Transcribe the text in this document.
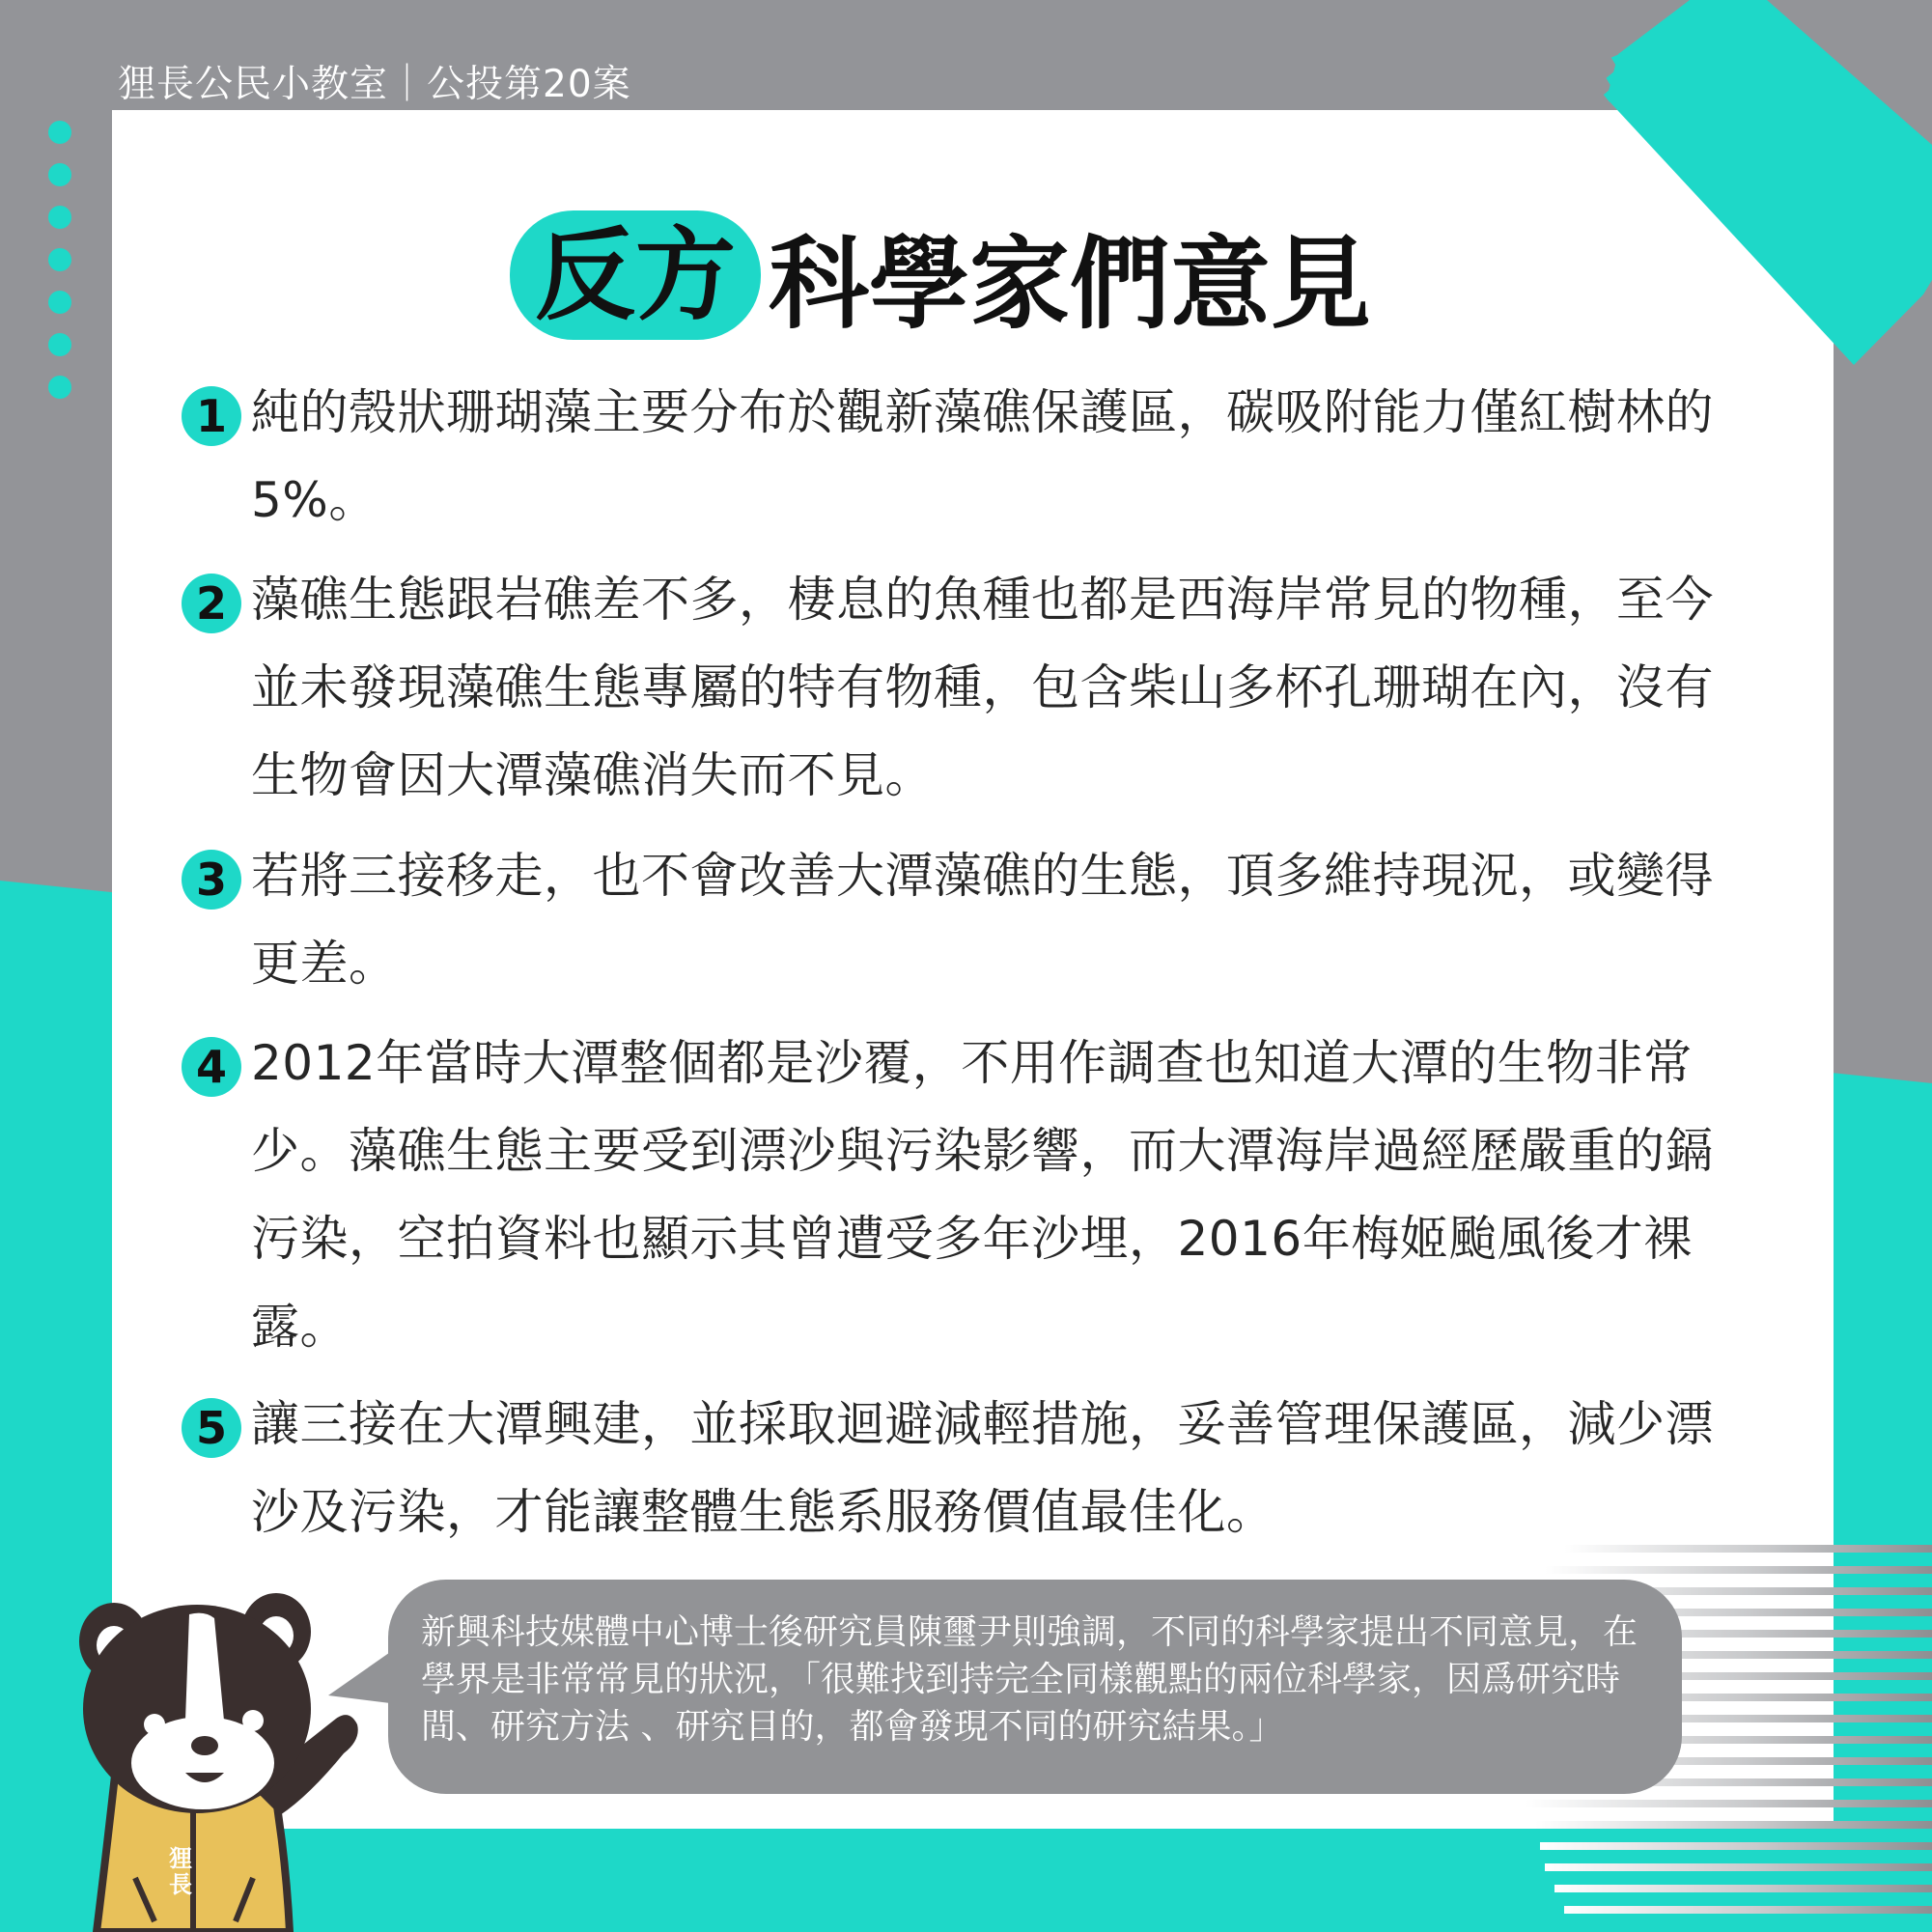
狸長公民小教室｜公投第20案
反方 科學家們意見
1 純的殼狀珊瑚藻主要分布於觀新藻礁保護區，碳吸附能力僅紅樹林的5%。
2 藻礁生態跟岩礁差不多，棲息的魚種也都是西海岸常見的物種，至今並未發現藻礁生態專屬的特有物種，包含柴山多杯孔珊瑚在內，沒有生物會因大潭藻礁消失而不見。
3 若將三接移走，也不會改善大潭藻礁的生態，頂多維持現況，或變得更差。
4 2012年當時大潭整個都是沙覆，不用作調查也知道大潭的生物非常少。藻礁生態主要受到漂沙與污染影響，而大潭海岸過經歷嚴重的鎘污染，空拍資料也顯示其曾遭受多年沙埋，2016年梅姬颱風後才裸露。
5 讓三接在大潭興建，並採取迴避減輕措施，妥善管理保護區，減少漂沙及污染，才能讓整體生態系服務價值最佳化。
新興科技媒體中心博士後研究員陳璽尹則強調，不同的科學家提出不同意見，在學界是非常常見的狀況，「很難找到持完全同樣觀點的兩位科學家，因爲研究時間、研究方法 、研究目的，都會發現不同的研究結果。」
狸長
